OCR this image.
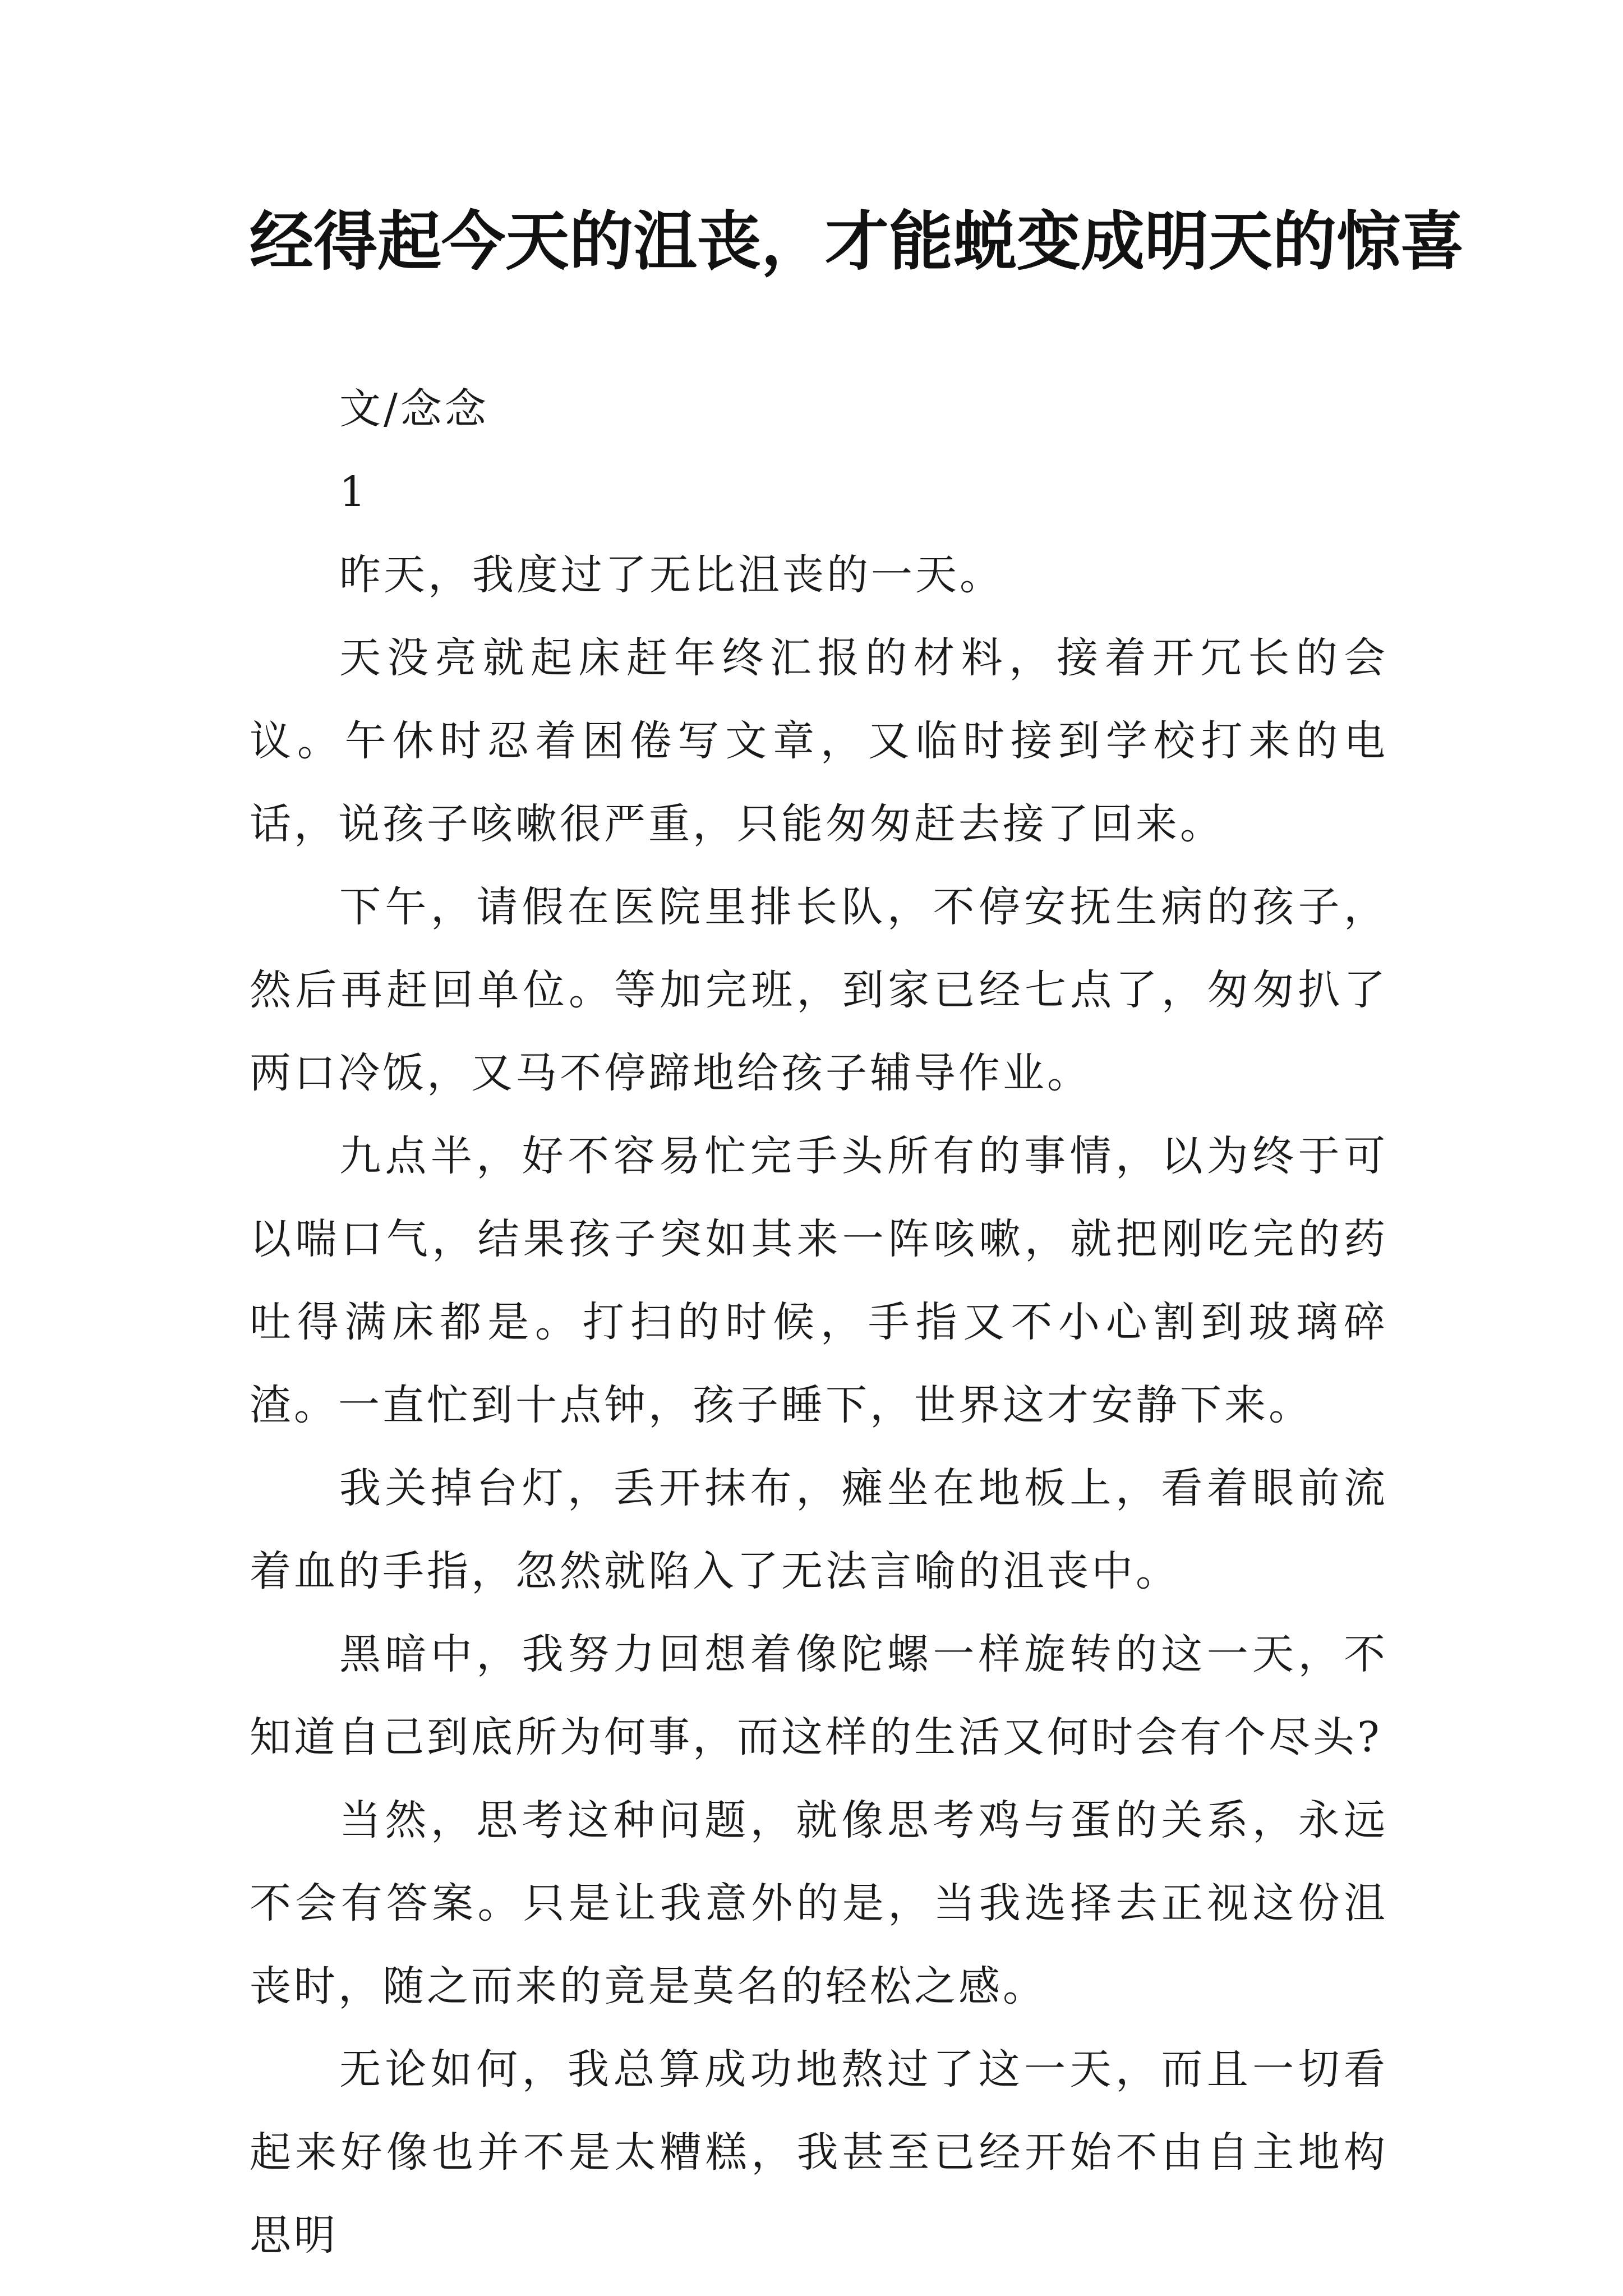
经得起今天的沮丧，才能蜕变成明天的惊喜

文/念念

1

昨天，我度过了无比沮丧的一天。

天没亮就起床赶年终汇报的材料，接着开冗长的会议。午休时忍着困倦写文章，又临时接到学校打来的电话，说孩子咳嗽很严重，只能匆匆赶去接了回来。

下午，请假在医院里排长队，不停安抚生病的孩子，然后再赶回单位。等加完班，到家已经七点了，匆匆扒了两口冷饭，又马不停蹄地给孩子辅导作业。

九点半，好不容易忙完手头所有的事情，以为终于可以喘口气，结果孩子突如其来一阵咳嗽，就把刚吃完的药吐得满床都是。打扫的时候，手指又不小心割到玻璃碎渣。一直忙到十点钟，孩子睡下，世界这才安静下来。

我关掉台灯，丢开抹布，瘫坐在地板上，看着眼前流着血的手指，忽然就陷入了无法言喻的沮丧中。

黑暗中，我努力回想着像陀螺一样旋转的这一天，不知道自己到底所为何事，而这样的生活又何时会有个尽头?

当然，思考这种问题，就像思考鸡与蛋的关系，永远不会有答案。只是让我意外的是，当我选择去正视这份沮丧时，随之而来的竟是莫名的轻松之感。

无论如何，我总算成功地熬过了这一天，而且一切看起来好像也并不是太糟糕，我甚至已经开始不由自主地构思明
